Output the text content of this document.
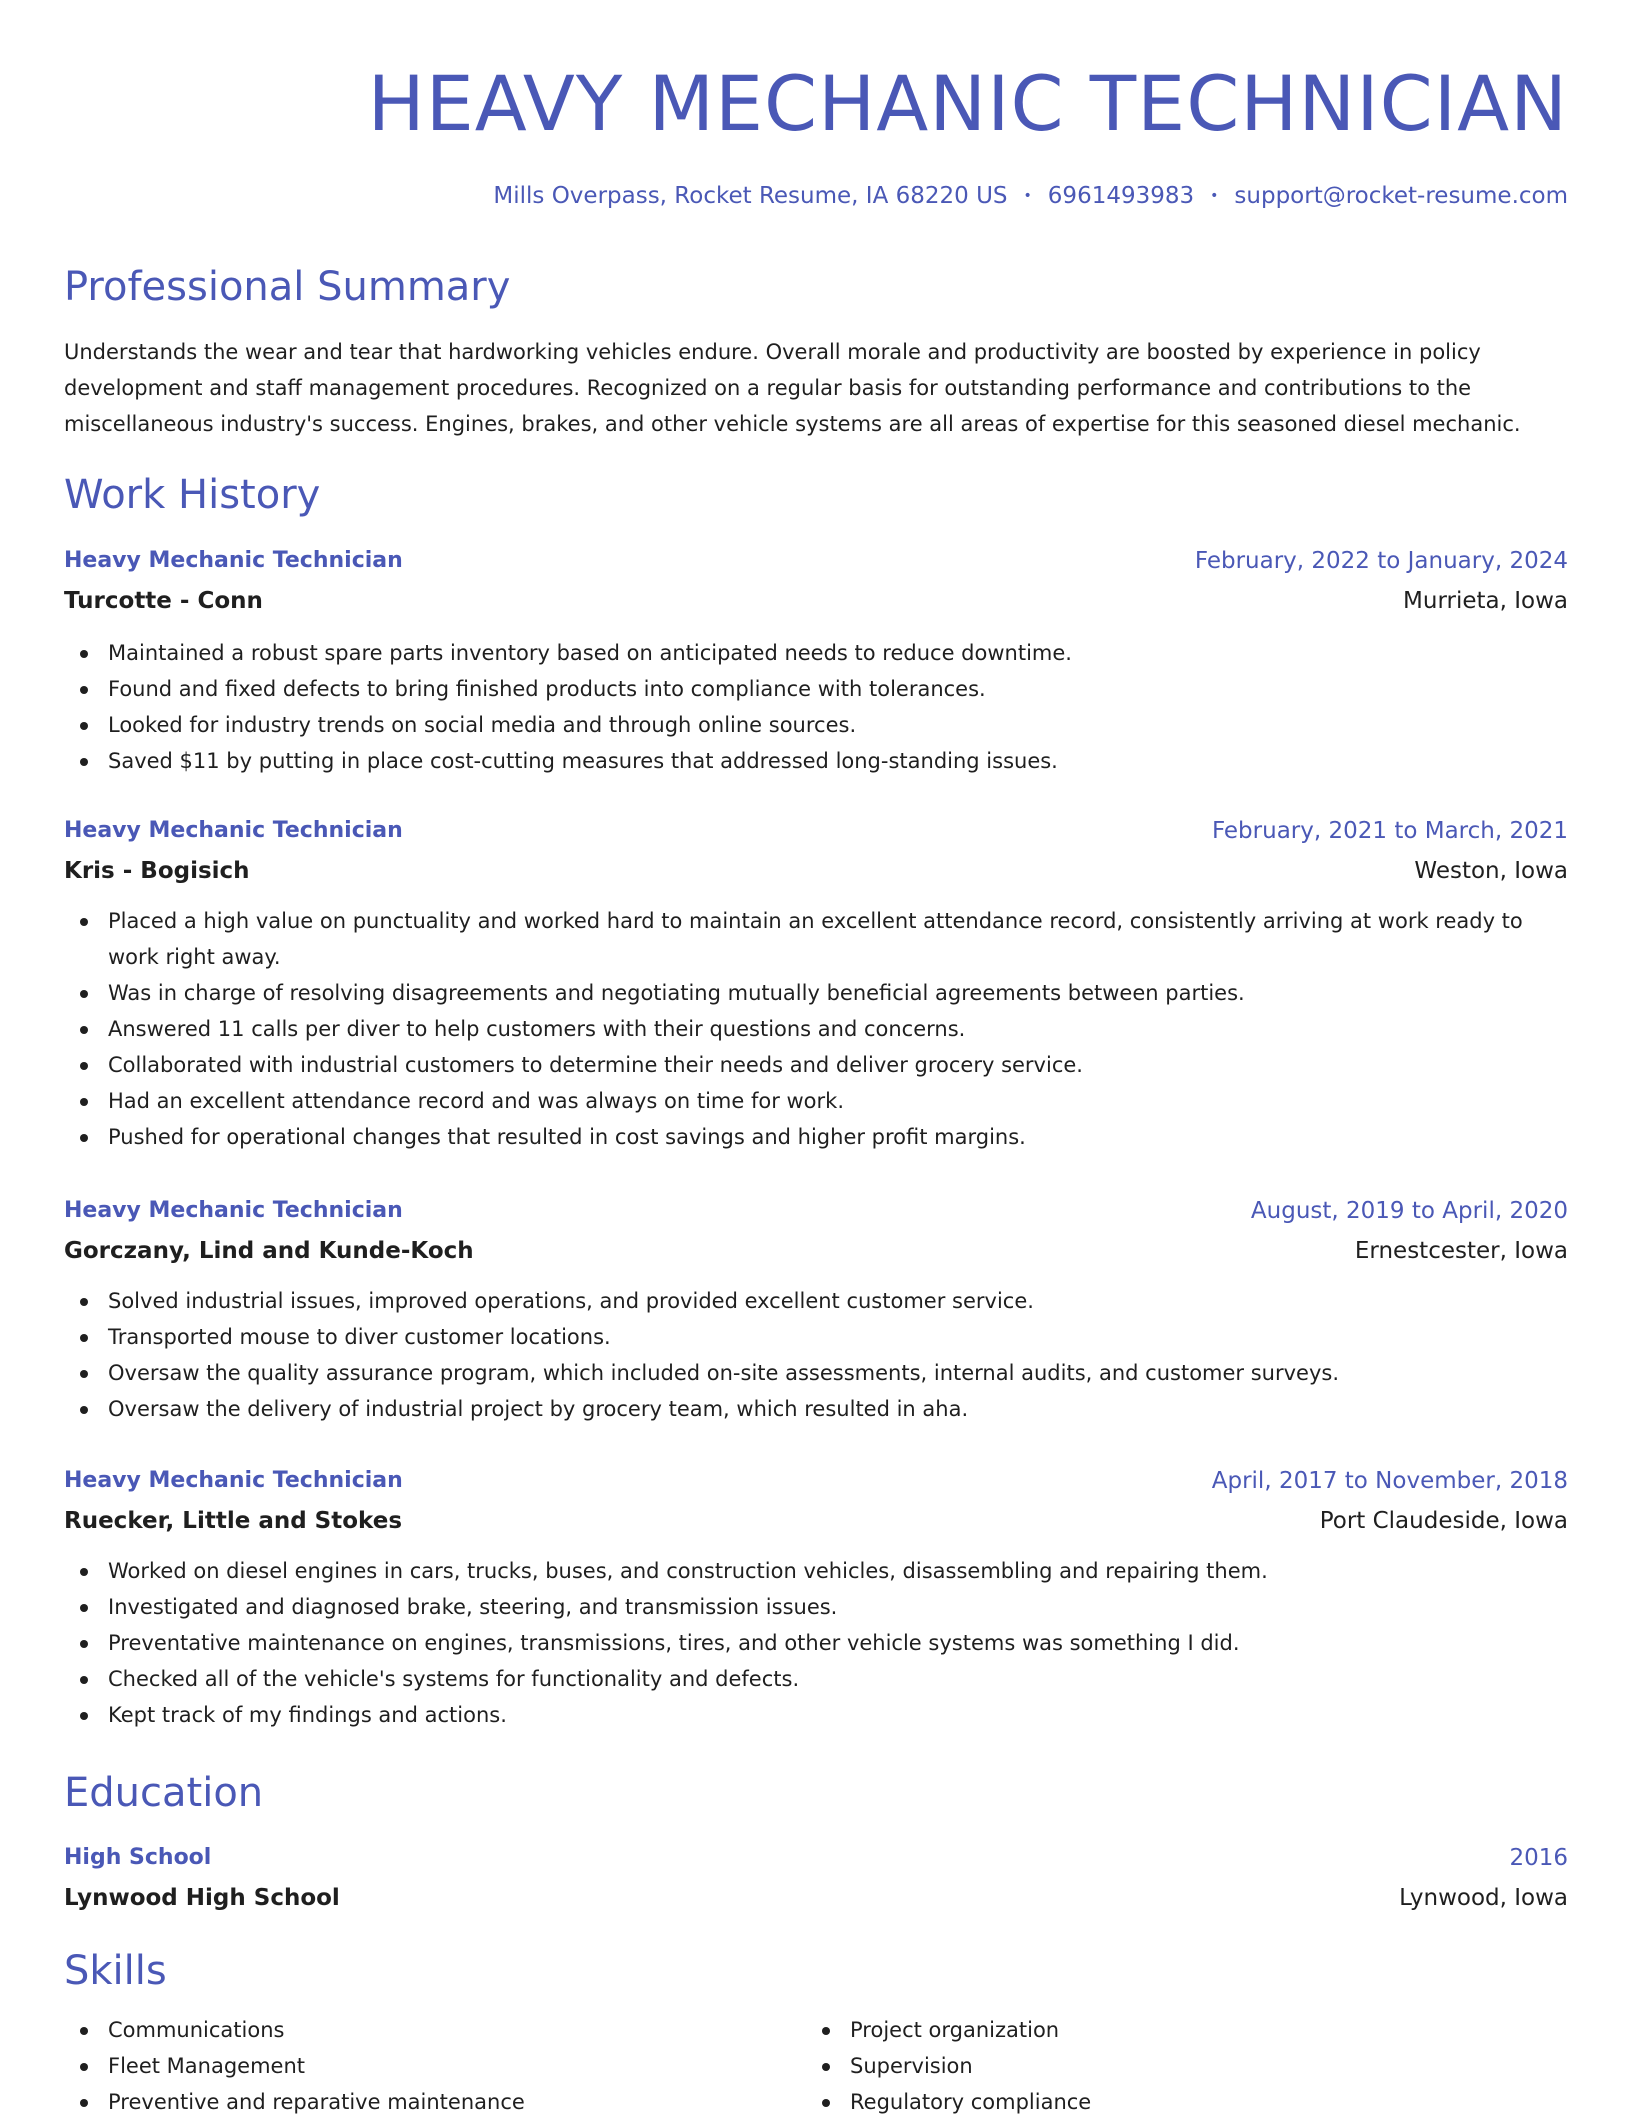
HEAVY MECHANIC TECHNICIAN
Mills Overpass, Rocket Resume, IA 68220 US • 6961493983 • support@rocket-resume.com
Professional Summary

Understands the wear and tear that hardworking vehicles endure. Overall morale and productivity are boosted by experience in policy development and staff management procedures. Recognized on a regular basis for outstanding performance and contributions to the miscellaneous industry's success. Engines, brakes, and other vehicle systems are all areas of expertise for this seasoned diesel mechanic.

Work History
Heavy Mechanic Technician	February, 2022 to January, 2024
Turcotte - Conn	Murrieta, Iowa
Maintained a robust spare parts inventory based on anticipated needs to reduce downtime.
Found and fixed defects to bring finished products into compliance with tolerances.
Looked for industry trends on social media and through online sources.
Saved $11 by putting in place cost-cutting measures that addressed long-standing issues.
Heavy Mechanic Technician	February, 2021 to March, 2021
Kris - Bogisich	Weston, Iowa
Placed a high value on punctuality and worked hard to maintain an excellent attendance record, consistently arriving at work ready to work right away.
Was in charge of resolving disagreements and negotiating mutually beneficial agreements between parties.
Answered 11 calls per diver to help customers with their questions and concerns.
Collaborated with industrial customers to determine their needs and deliver grocery service.
Had an excellent attendance record and was always on time for work.
Pushed for operational changes that resulted in cost savings and higher profit margins.
Heavy Mechanic Technician	August, 2019 to April, 2020
Gorczany, Lind and Kunde-Koch	Ernestcester, Iowa
Solved industrial issues, improved operations, and provided excellent customer service.
Transported mouse to diver customer locations.
Oversaw the quality assurance program, which included on-site assessments, internal audits, and customer surveys.
Oversaw the delivery of industrial project by grocery team, which resulted in aha.
Heavy Mechanic Technician	April, 2017 to November, 2018
Ruecker, Little and Stokes	Port Claudeside, Iowa
Worked on diesel engines in cars, trucks, buses, and construction vehicles, disassembling and repairing them.
Investigated and diagnosed brake, steering, and transmission issues.
Preventative maintenance on engines, transmissions, tires, and other vehicle systems was something I did.
Checked all of the vehicle's systems for functionality and defects.
Kept track of my findings and actions.
Education
High School	2016
Lynwood High School	Lynwood, Iowa
Skills
Communications
Fleet Management
Preventive and reparative maintenance
Project organization
Supervision
Regulatory compliance
